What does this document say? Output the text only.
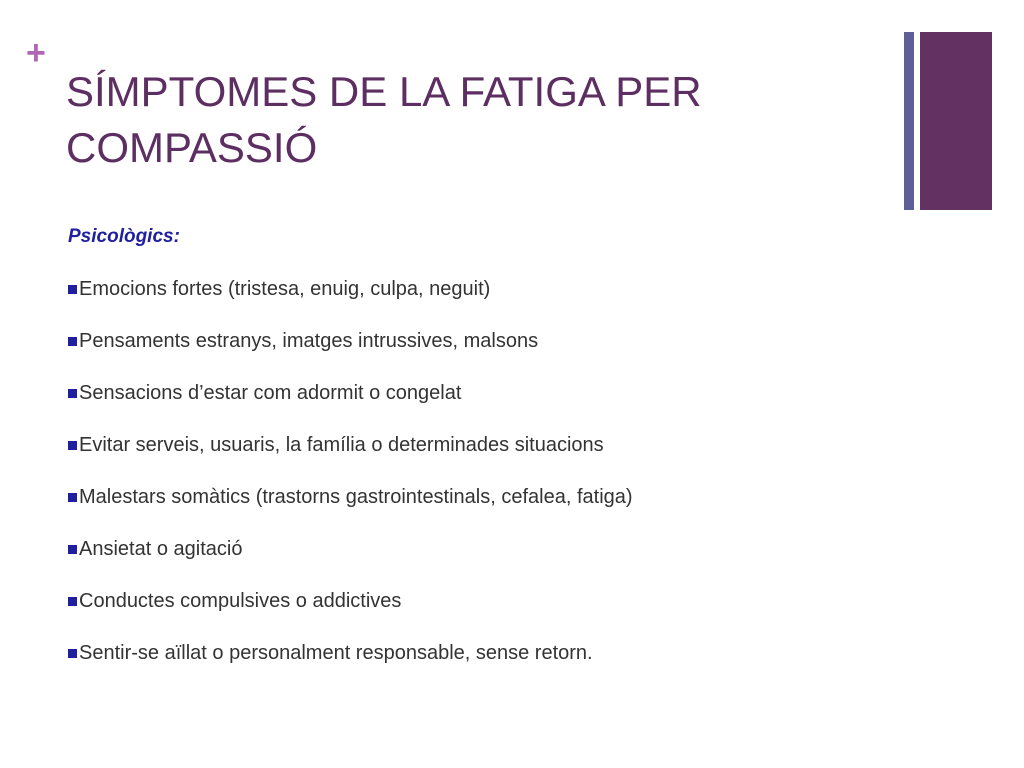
+
SÍMPTOMES DE LA FATIGA PER
COMPASSIÓ
Psicològics:
Emocions fortes (tristesa, enuig, culpa, neguit)
Pensaments estranys, imatges intrussives, malsons
Sensacions d’estar com adormit o congelat
Evitar serveis, usuaris, la família o determinades situacions
Malestars somàtics (trastorns gastrointestinals, cefalea, fatiga)
Ansietat o agitació
Conductes compulsives o addictives
Sentir-se aïllat o personalment responsable, sense retorn.
